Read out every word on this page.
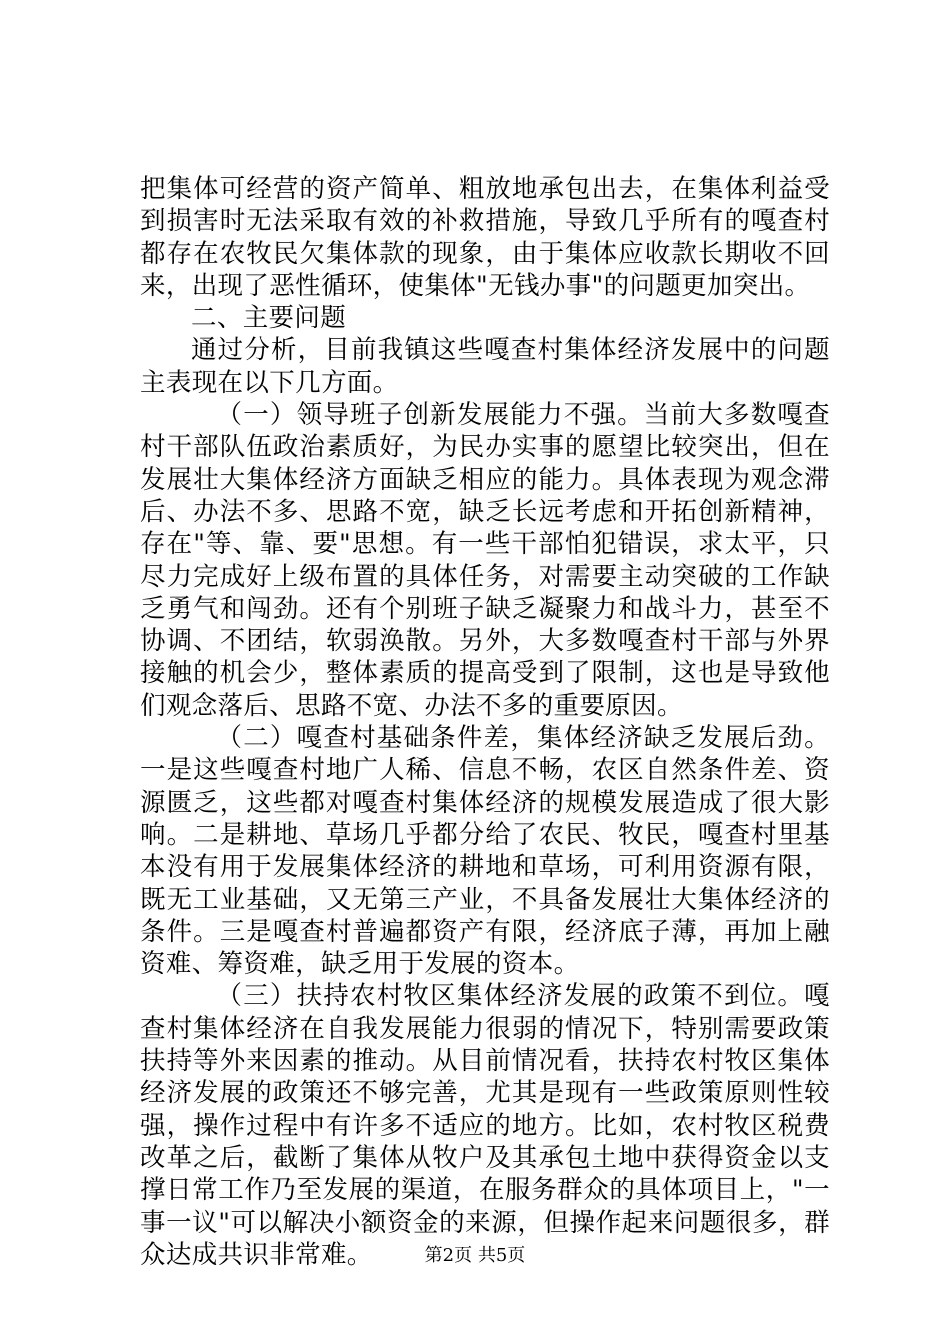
把集体可经营的资产简单、粗放地承包出去，在集体利益受到损害时无法采取有效的补救措施，导致几乎所有的嘎查村都存在农牧民欠集体款的现象，由于集体应收款长期收不回来，出现了恶性循环，使集体"无钱办事"的问题更加突出。

二、主要问题

通过分析，目前我镇这些嘎查村集体经济发展中的问题主表现在以下几方面。

（一）领导班子创新发展能力不强。当前大多数嘎查村干部队伍政治素质好，为民办实事的愿望比较突出，但在发展壮大集体经济方面缺乏相应的能力。具体表现为观念滞后、办法不多、思路不宽，缺乏长远考虑和开拓创新精神，存在"等、靠、要"思想。有一些干部怕犯错误，求太平，只尽力完成好上级布置的具体任务，对需要主动突破的工作缺乏勇气和闯劲。还有个别班子缺乏凝聚力和战斗力，甚至不协调、不团结，软弱涣散。另外，大多数嘎查村干部与外界接触的机会少，整体素质的提高受到了限制，这也是导致他们观念落后、思路不宽、办法不多的重要原因。

（二）嘎查村基础条件差，集体经济缺乏发展后劲。一是这些嘎查村地广人稀、信息不畅，农区自然条件差、资源匮乏，这些都对嘎查村集体经济的规模发展造成了很大影响。二是耕地、草场几乎都分给了农民、牧民，嘎查村里基本没有用于发展集体经济的耕地和草场，可利用资源有限，既无工业基础，又无第三产业，不具备发展壮大集体经济的条件。三是嘎查村普遍都资产有限，经济底子薄，再加上融资难、筹资难，缺乏用于发展的资本。

（三）扶持农村牧区集体经济发展的政策不到位。嘎查村集体经济在自我发展能力很弱的情况下，特别需要政策扶持等外来因素的推动。从目前情况看，扶持农村牧区集体经济发展的政策还不够完善，尤其是现有一些政策原则性较强，操作过程中有许多不适应的地方。比如，农村牧区税费改革之后，截断了集体从牧户及其承包土地中获得资金以支撑日常工作乃至发展的渠道，在服务群众的具体项目上，"一事一议"可以解决小额资金的来源，但操作起来问题很多，群众达成共识非常难。	第2页 共5页
